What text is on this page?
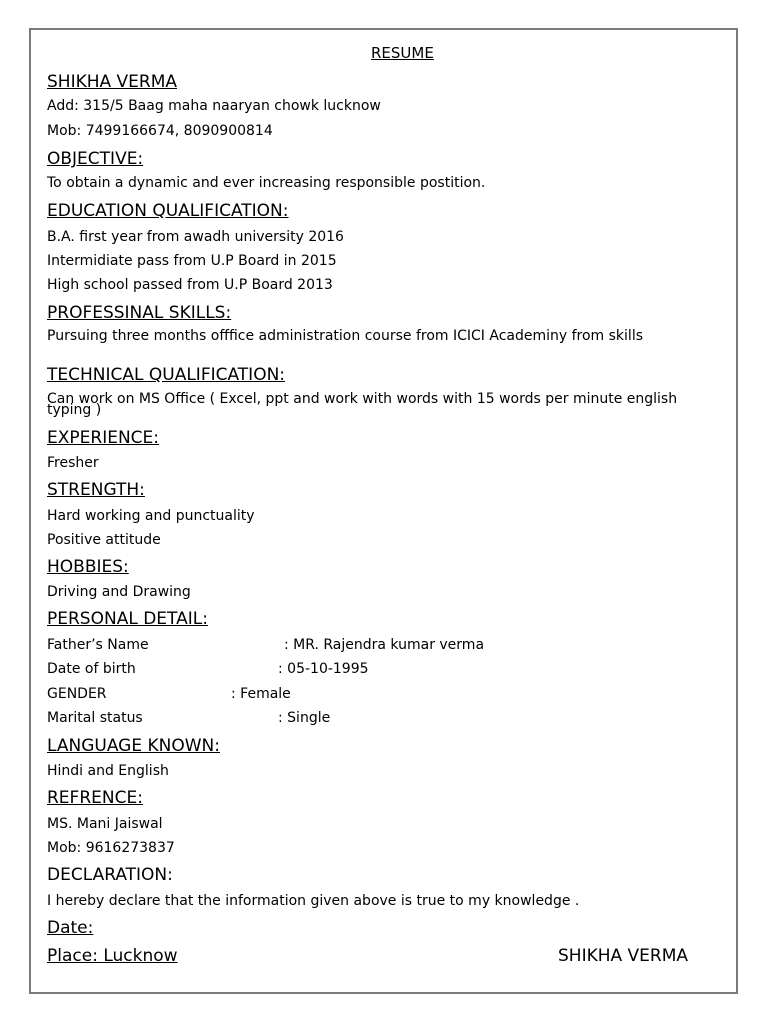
RESUME
SHIKHA VERMA
Add: 315/5 Baag maha naaryan chowk lucknow
Mob: 7499166674, 8090900814
OBJECTIVE:
To obtain a dynamic and ever increasing responsible postition.
EDUCATION QUALIFICATION:
B.A. first year from awadh university 2016
Intermidiate pass from U.P Board in 2015
High school passed from U.P Board 2013
PROFESSINAL SKILLS:
Pursuing three months offfice administration course from ICICI Academiny from skills
TECHNICAL QUALIFICATION:
Can work on MS Office ( Excel, ppt and work with words with 15 words per minute english typing )
EXPERIENCE:
Fresher
STRENGTH:
Hard working and punctuality
Positive attitude
HOBBIES:
Driving and Drawing
PERSONAL DETAIL:
Father’s Name	: MR. Rajendra kumar verma
Date of birth	: 05-10-1995
GENDER	: Female
Marital status	: Single
LANGUAGE KNOWN:
Hindi and English
REFRENCE:
MS. Mani Jaiswal
Mob: 9616273837
DECLARATION:
I hereby declare that the information given above is true to my knowledge .
Date:
Place: Lucknow	SHIKHA VERMA
